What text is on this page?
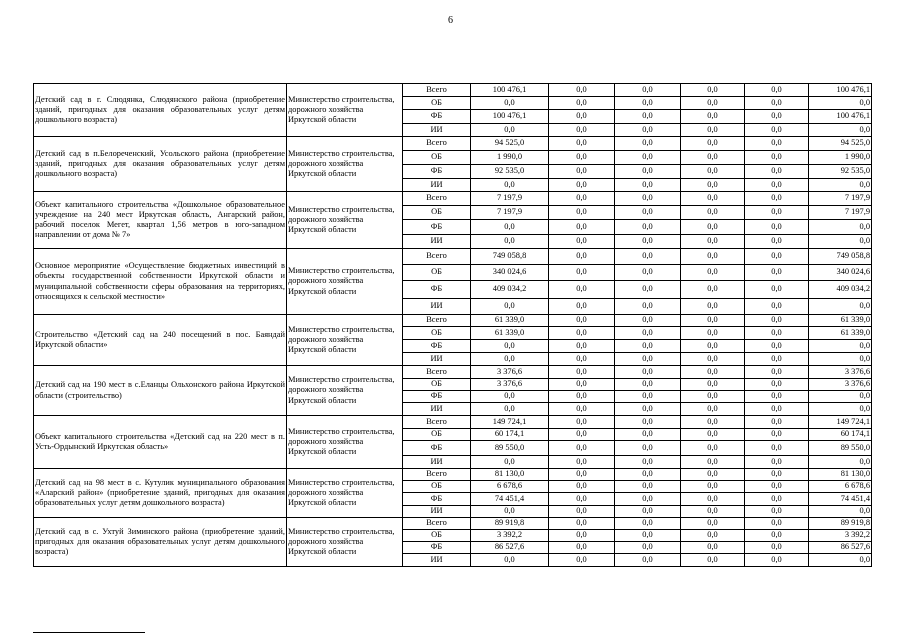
6
Детский сад в г. Слюдянка, Слюдянского района (приобретение зданий, пригодных для оказания образовательных услуг детям дошкольного возраста)	Министерство строительства, дорожного хозяйства Иркутской области	Всего	100 476,1	0,0	0,0	0,0	0,0	100 476,1
		ОБ	0,0	0,0	0,0	0,0	0,0	0,0
		ФБ	100 476,1	0,0	0,0	0,0	0,0	100 476,1
		ИИ	0,0	0,0	0,0	0,0	0,0	0,0
Детский сад в п.Белореченский, Усольского района (приобретение зданий, пригодных для оказания образовательных услуг детям дошкольного возраста)	Министерство строительства, дорожного хозяйства Иркутской области	Всего	94 525,0	0,0	0,0	0,0	0,0	94 525,0
		ОБ	1 990,0	0,0	0,0	0,0	0,0	1 990,0
		ФБ	92 535,0	0,0	0,0	0,0	0,0	92 535,0
		ИИ	0,0	0,0	0,0	0,0	0,0	0,0
Объект капитального строительства «Дошкольное образовательное учреждение на 240 мест Иркутская область, Ангарский район, рабочий поселок Мегет, квартал 1,56 метров в юго-западном направлении от дома № 7»	Министерство строительства, дорожного хозяйства Иркутской области	Всего	7 197,9	0,0	0,0	0,0	0,0	7 197,9
		ОБ	7 197,9	0,0	0,0	0,0	0,0	7 197,9
		ФБ	0,0	0,0	0,0	0,0	0,0	0,0
		ИИ	0,0	0,0	0,0	0,0	0,0	0,0
Основное мероприятие «Осуществление бюджетных инвестиций в объекты государственной собственности Иркутской области и муниципальной собственности сферы образования на территориях, относящихся к сельской местности»	Министерство строительства, дорожного хозяйства Иркутской области	Всего	749 058,8	0,0	0,0	0,0	0,0	749 058,8
		ОБ	340 024,6	0,0	0,0	0,0	0,0	340 024,6
		ФБ	409 034,2	0,0	0,0	0,0	0,0	409 034,2
		ИИ	0,0	0,0	0,0	0,0	0,0	0,0
Строительство «Детский сад на 240 посещений в пос. Баяндай Иркутской области»	Министерство строительства, дорожного хозяйства Иркутской области	Всего	61 339,0	0,0	0,0	0,0	0,0	61 339,0
		ОБ	61 339,0	0,0	0,0	0,0	0,0	61 339,0
		ФБ	0,0	0,0	0,0	0,0	0,0	0,0
		ИИ	0,0	0,0	0,0	0,0	0,0	0,0
Детский сад на 190 мест в с.Еланцы Ольхонского района Иркутской области (строительство)	Министерство строительства, дорожного хозяйства Иркутской области	Всего	3 376,6	0,0	0,0	0,0	0,0	3 376,6
		ОБ	3 376,6	0,0	0,0	0,0	0,0	3 376,6
		ФБ	0,0	0,0	0,0	0,0	0,0	0,0
		ИИ	0,0	0,0	0,0	0,0	0,0	0,0
Объект капитального строительства «Детский сад на 220 мест в п. Усть-Ордынский Иркутская область»	Министерство строительства, дорожного хозяйства Иркутской области	Всего	149 724,1	0,0	0,0	0,0	0,0	149 724,1
		ОБ	60 174,1	0,0	0,0	0,0	0,0	60 174,1
		ФБ	89 550,0	0,0	0,0	0,0	0,0	89 550,0
		ИИ	0,0	0,0	0,0	0,0	0,0	0,0
Детский сад на 98 мест в с. Кутулик муниципального образования «Аларский район» (приобретение зданий, пригодных для оказания образовательных услуг детям дошкольного возраста)	Министерство строительства, дорожного хозяйства Иркутской области	Всего	81 130,0	0,0	0,0	0,0	0,0	81 130,0
		ОБ	6 678,6	0,0	0,0	0,0	0,0	6 678,6
		ФБ	74 451,4	0,0	0,0	0,0	0,0	74 451,4
		ИИ	0,0	0,0	0,0	0,0	0,0	0,0
Детский сад в с. Ухтуй Зиминского района (приобретение зданий, пригодных для оказания образовательных услуг детям дошкольного возраста)	Министерство строительства, дорожного хозяйства Иркутской области	Всего	89 919,8	0,0	0,0	0,0	0,0	89 919,8
		ОБ	3 392,2	0,0	0,0	0,0	0,0	3 392,2
		ФБ	86 527,6	0,0	0,0	0,0	0,0	86 527,6
		ИИ	0,0	0,0	0,0	0,0	0,0	0,0
